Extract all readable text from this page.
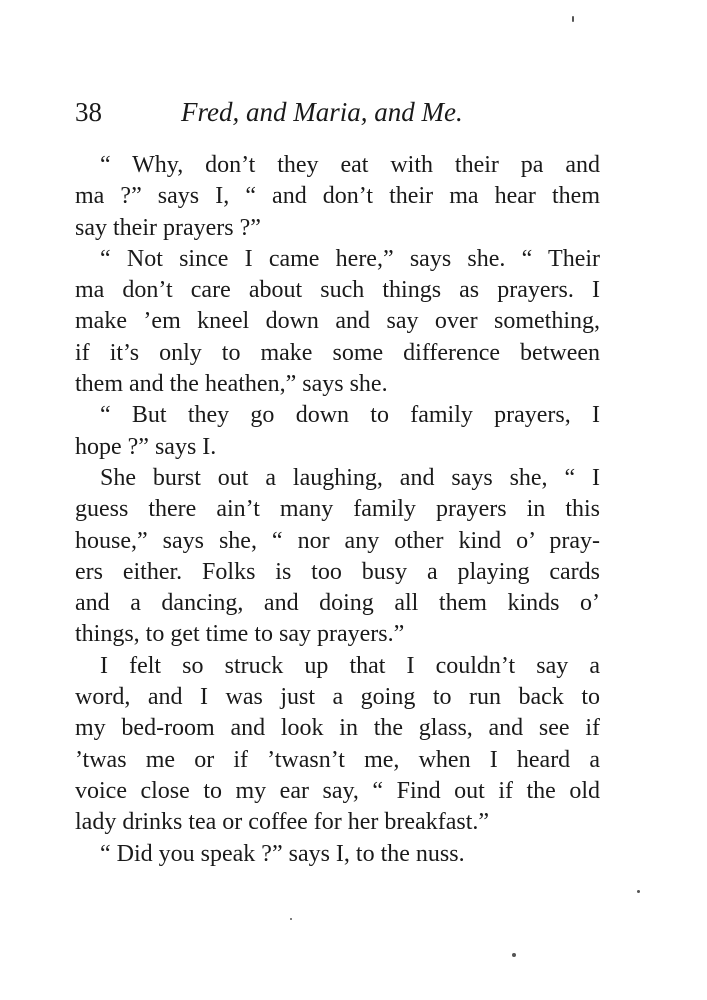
38	Fred, and Maria, and Me.
“ Why, don’t they eat with their pa and
ma ?” says I, “ and don’t their ma hear them
say their prayers ?”
“ Not since I came here,” says she. “ Their
ma don’t care about such things as prayers. I
make ’em kneel down and say over something,
if it’s only to make some difference between
them and the heathen,” says she.
“ But they go down to family prayers, I
hope ?” says I.
She burst out a laughing, and says she, “ I
guess there ain’t many family prayers in this
house,” says she, “ nor any other kind o’ pray-
ers either. Folks is too busy a playing cards
and a dancing, and doing all them kinds o’
things, to get time to say prayers.”
I felt so struck up that I couldn’t say a
word, and I was just a going to run back to
my bed-room and look in the glass, and see if
’twas me or if ’twasn’t me, when I heard a
voice close to my ear say, “ Find out if the old
lady drinks tea or coffee for her breakfast.”
“ Did you speak ?” says I, to the nuss.
